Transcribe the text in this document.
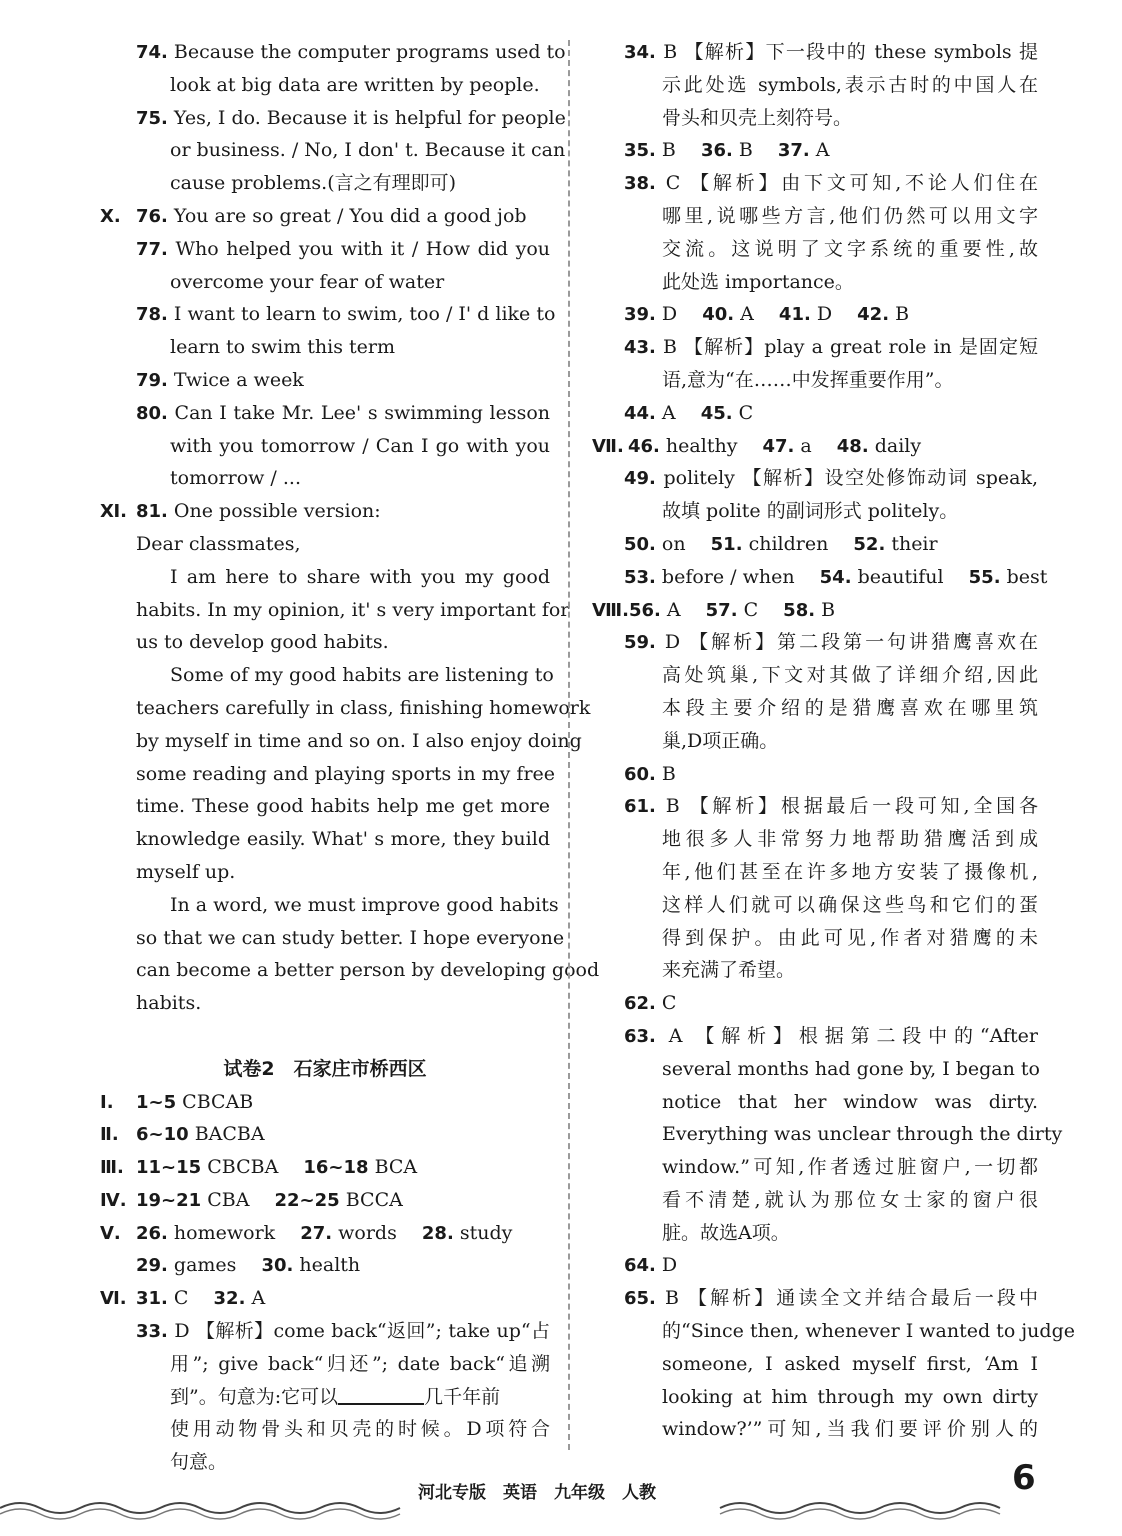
74. Because the computer programs used to
look at big data are written by people.
75. Yes, I do. Because it is helpful for people
or business. / No, I don' t. Because it can
cause problems.(言之有理即可)
Ⅹ. 76. You are so great / You did a good job
77. Who helped you with it / How did you
overcome your fear of water
78. I want to learn to swim, too / I' d like to
learn to swim this term
79. Twice a week
80. Can I take Mr. Lee' s swimming lesson
with you tomorrow / Can I go with you
tomorrow / ...
Ⅺ. 81. One possible version:
Dear classmates,
I am here to share with you my good
habits. In my opinion, it' s very important for
us to develop good habits.
Some of my good habits are listening to
teachers carefully in class, finishing homework
by myself in time and so on. I also enjoy doing
some reading and playing sports in my free
time. These good habits help me get more
knowledge easily. What' s more, they build
myself up.
In a word, we must improve good habits
so that we can study better. I hope everyone
can become a better person by developing good
habits.
试卷2　石家庄市桥西区
Ⅰ. 1~5 CBCAB
Ⅱ. 6~10 BACBA
Ⅲ. 11~15 CBCBA　 16~18 BCA
Ⅳ. 19~21 CBA　 22~25 BCCA
Ⅴ. 26. homework　 27. words　 28. study
29. games　 30. health
Ⅵ. 31. C　 32. A
33. D 【解析】come back“返回”; take up“占
用”; give back“归还”; date back“追溯
到”。句意为:它可以	几千年前
使用动物骨头和贝壳的时候。D项符合
句意。
34. B 【解析】下一段中的 these symbols 提
示此处选 symbols,表示古时的中国人在
骨头和贝壳上刻符号。
35. B　 36. B　 37. A
38. C 【解析】由下文可知,不论人们住在
哪里,说哪些方言,他们仍然可以用文字
交流。这说明了文字系统的重要性,故
此处选 importance。
39. D　 40. A　 41. D　 42. B
43. B 【解析】play a great role in 是固定短
语,意为“在……中发挥重要作用”。
44. A　 45. C
Ⅶ. 46. healthy　 47. a　 48. daily
49. politely 【解析】设空处修饰动词 speak,
故填 polite 的副词形式 politely。
50. on　 51. children　 52. their
53. before / when　 54. beautiful　 55. best
Ⅷ.56. A　 57. C　 58. B
59. D 【解析】第二段第一句讲猎鹰喜欢在
高处筑巢,下文对其做了详细介绍,因此
本段主要介绍的是猎鹰喜欢在哪里筑
巢,D项正确。
60. B
61. B 【解析】根据最后一段可知,全国各
地很多人非常努力地帮助猎鹰活到成
年,他们甚至在许多地方安装了摄像机,
这样人们就可以确保这些鸟和它们的蛋
得到保护。由此可见,作者对猎鹰的未
来充满了希望。
62. C
63. A 【解析】根据第二段中的“After
several months had gone by, I began to
notice that her window was dirty.
Everything was unclear through the dirty
window.”可知,作者透过脏窗户,一切都
看不清楚,就认为那位女士家的窗户很
脏。故选A项。
64. D
65. B 【解析】通读全文并结合最后一段中
的“Since then, whenever I wanted to judge
someone, I asked myself first, ‘Am I
looking at him through my own dirty
window?’”可知,当我们要评价别人的
河北专版　英语　九年级　人教	6
